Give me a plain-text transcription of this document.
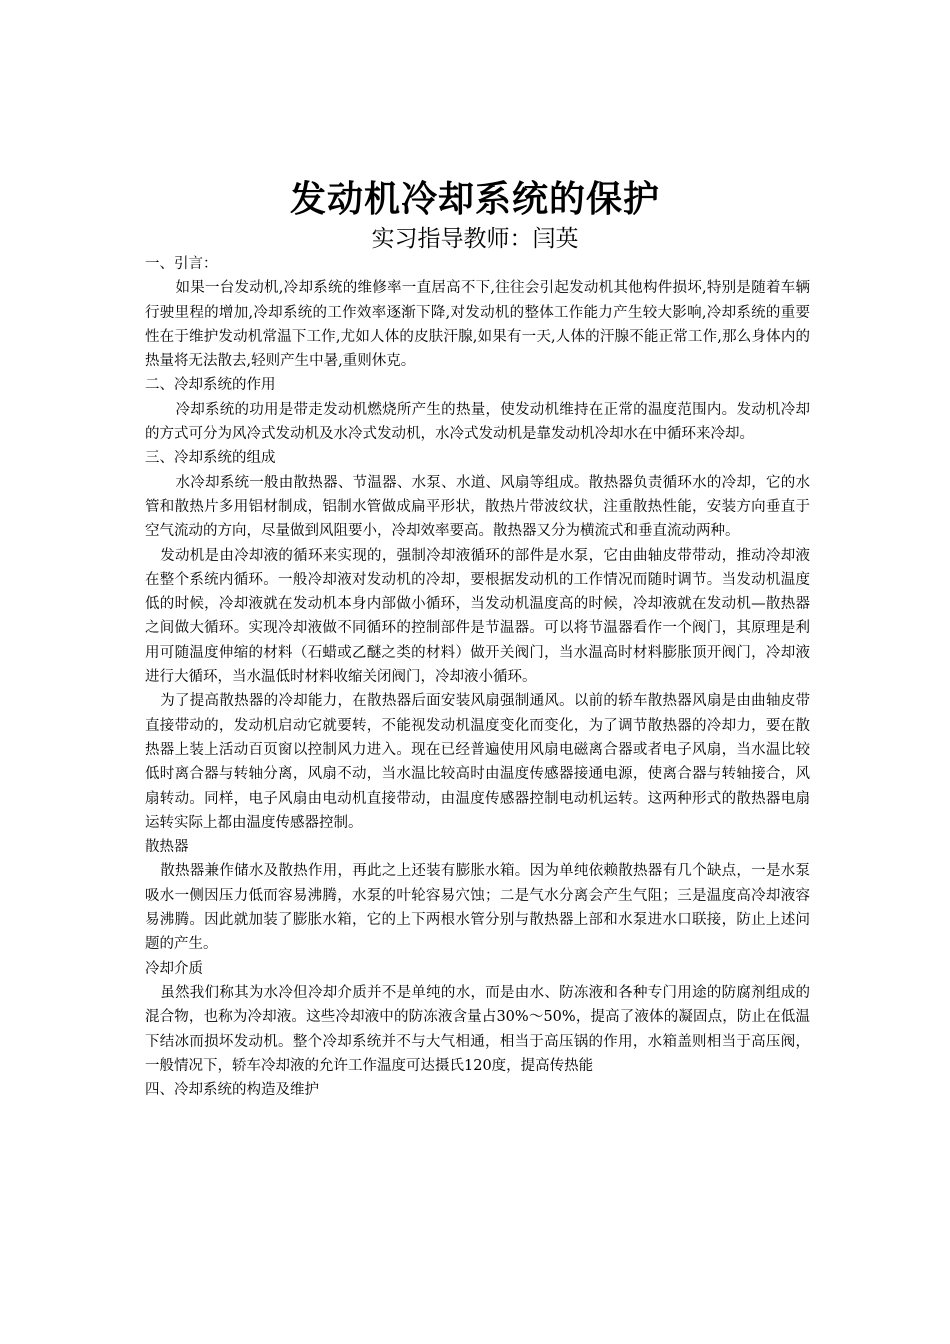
发动机冷却系统的保护
实习指导教师：闫英

一、引言：

如果一台发动机,冷却系统的维修率一直居高不下,往往会引起发动机其他构件损坏,特别是随着车辆行驶里程的增加,冷却系统的工作效率逐渐下降,对发动机的整体工作能力产生较大影响,冷却系统的重要性在于维护发动机常温下工作,尤如人体的皮肤汗腺,如果有一天,人体的汗腺不能正常工作,那么身体内的热量将无法散去,轻则产生中暑,重则休克。

二、冷却系统的作用

冷却系统的功用是带走发动机燃烧所产生的热量，使发动机维持在正常的温度范围内。发动机冷却的方式可分为风冷式发动机及水冷式发动机，水冷式发动机是靠发动机冷却水在中循环来冷却。

三、冷却系统的组成

水冷却系统一般由散热器、节温器、水泵、水道、风扇等组成。散热器负责循环水的冷却，它的水管和散热片多用铝材制成，铝制水管做成扁平形状，散热片带波纹状，注重散热性能，安装方向垂直于空气流动的方向，尽量做到风阻要小，冷却效率要高。散热器又分为横流式和垂直流动两种。

发动机是由冷却液的循环来实现的，强制冷却液循环的部件是水泵，它由曲轴皮带带动，推动冷却液在整个系统内循环。一般冷却液对发动机的冷却，要根据发动机的工作情况而随时调节。当发动机温度低的时候，冷却液就在发动机本身内部做小循环，当发动机温度高的时候，冷却液就在发动机—散热器之间做大循环。实现冷却液做不同循环的控制部件是节温器。可以将节温器看作一个阀门，其原理是利用可随温度伸缩的材料（石蜡或乙醚之类的材料）做开关阀门，当水温高时材料膨胀顶开阀门，冷却液进行大循环，当水温低时材料收缩关闭阀门，冷却液小循环。

为了提高散热器的冷却能力，在散热器后面安装风扇强制通风。以前的轿车散热器风扇是由曲轴皮带直接带动的，发动机启动它就要转，不能视发动机温度变化而变化，为了调节散热器的冷却力，要在散热器上装上活动百页窗以控制风力进入。现在已经普遍使用风扇电磁离合器或者电子风扇，当水温比较低时离合器与转轴分离，风扇不动，当水温比较高时由温度传感器接通电源，使离合器与转轴接合，风扇转动。同样，电子风扇由电动机直接带动，由温度传感器控制电动机运转。这两种形式的散热器电扇运转实际上都由温度传感器控制。

散热器

散热器兼作储水及散热作用，再此之上还装有膨胀水箱。因为单纯依赖散热器有几个缺点，一是水泵吸水一侧因压力低而容易沸腾，水泵的叶轮容易穴蚀；二是气水分离会产生气阻；三是温度高冷却液容易沸腾。因此就加装了膨胀水箱，它的上下两根水管分别与散热器上部和水泵进水口联接，防止上述问题的产生。

冷却介质

虽然我们称其为水冷但冷却介质并不是单纯的水，而是由水、防冻液和各种专门用途的防腐剂组成的混合物，也称为冷却液。这些冷却液中的防冻液含量占30%～50%，提高了液体的凝固点，防止在低温下结冰而损坏发动机。整个冷却系统并不与大气相通，相当于高压锅的作用，水箱盖则相当于高压阀，一般情况下，轿车冷却液的允许工作温度可达摄氏120度，提高传热能

四、冷却系统的构造及维护
